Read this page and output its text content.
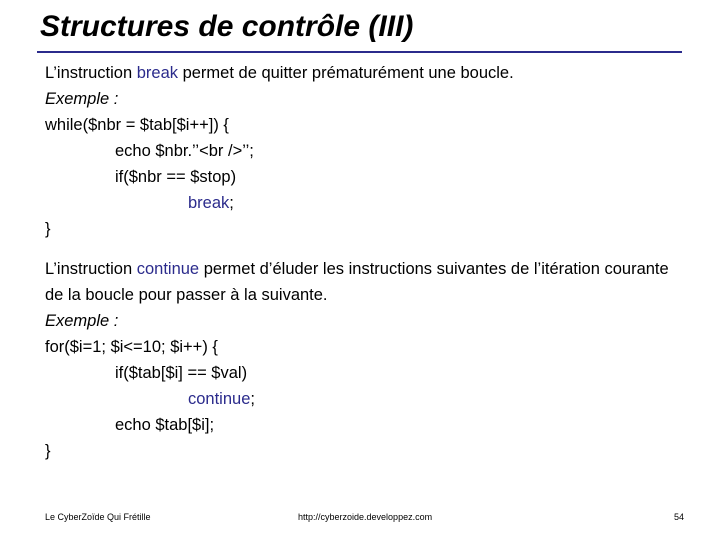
Structures de contrôle (III)
L’instruction break permet de quitter prématurément une boucle.
Exemple :
while($nbr = $tab[$i++]) {
echo $nbr.’’<br />’’;
if($nbr == $stop)
break;
}
L’instruction continue permet d’éluder les instructions suivantes de l’itération courante de la boucle pour passer à la suivante.
Exemple :
for($i=1; $i<=10; $i++) {
if($tab[$i] == $val)
continue;
echo $tab[$i];
}
Le CyberZoïde Qui Frétille	http://cyberzoide.developpez.com	54
